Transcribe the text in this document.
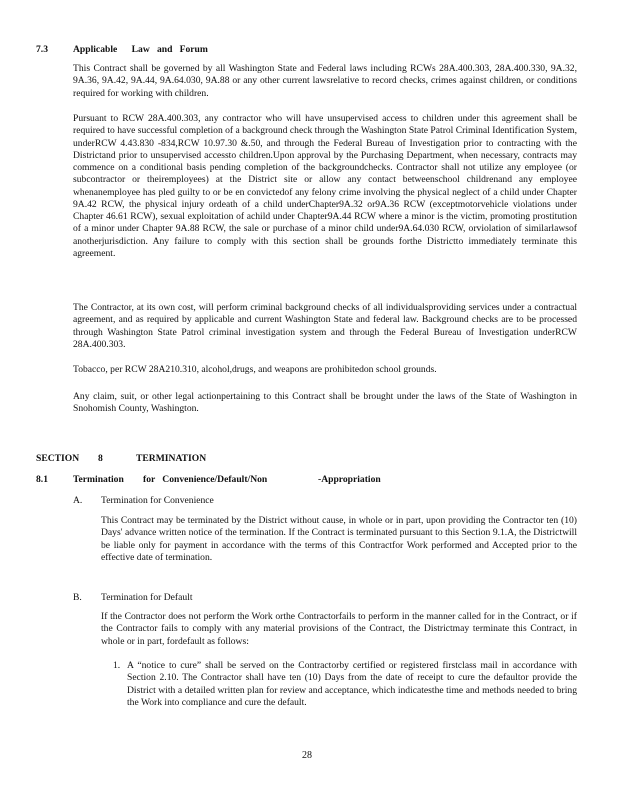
7.3	Applicable      Law   and   Forum

This Contract shall be governed by all Washington State and Federal laws including RCWs 28A.400.303, 28A.400.330, 9A.32, 9A.36, 9A.42, 9A.44, 9A.64.030, 9A.88 or any other current lawsrelative to record checks, crimes against children, or conditions required for working with children.

Pursuant to RCW 28A.400.303, any contractor who will have unsupervised access to children under this agreement shall be required to have successful completion of a background check through the Washington State Patrol Criminal Identification System, underRCW 4.43.830 -834,RCW 10.97.30 &.50, and through the Federal Bureau of Investigation prior to contracting with the Districtand prior to unsupervised accessto children.Upon approval by the Purchasing Department, when necessary, contracts may commence on a conditional basis pending completion of the backgroundchecks. Contractor shall not utilize any employee (or subcontractor or theiremployees) at the District site or allow any contact betweenschool childrenand any employee whenanemployee has pled guilty to or be en convictedof any felony crime involving the physical neglect of a child under Chapter 9A.42 RCW, the physical injury ordeath of a child underChapter9A.32 or9A.36 RCW (exceptmotorvehicle violations under Chapter 46.61 RCW), sexual exploitation of achild under Chapter9A.44 RCW where a minor is the victim, promoting prostitution of a minor under Chapter 9A.88 RCW, the sale or purchase of a minor child under9A.64.030 RCW, orviolation of similarlawsof anotherjurisdiction. Any failure to comply with this section shall be grounds forthe Districtto immediately terminate this agreement.

The Contractor, at its own cost, will perform criminal background checks of all individualsproviding services under a contractual agreement, and as required by applicable and current Washington State and federal law. Background checks are to be processed through Washington State Patrol criminal investigation system and through the Federal Bureau of Investigation underRCW 28A.400.303.

Tobacco, per RCW 28A210.310, alcohol,drugs, and weapons are prohibitedon school grounds.

Any claim, suit, or other legal actionpertaining to this Contract shall be brought under the laws of the State of Washington in Snohomish County, Washington.

SECTION 8	TERMINATION
8.1	Termination        for   Convenience/Default/Non	-Appropriation
A. Termination for Convenience

This Contract may be terminated by the District without cause, in whole or in part, upon providing the Contractor ten (10) Days' advance written notice of the termination. If the Contract is terminated pursuant to this Section 9.1.A, the Districtwill be liable only for payment in accordance with the terms of this Contractfor Work performed and Accepted prior to the effective date of termination.

B. Termination for Default

If the Contractor does not perform the Work orthe Contractorfails to perform in the manner called for in the Contract, or if the Contractor fails to comply with any material provisions of the Contract, the Districtmay terminate this Contract, in whole or in part, fordefault as follows:

1. A “notice to cure” shall be served on the Contractorby certified or registered firstclass mail in accordance with Section 2.10. The Contractor shall have ten (10) Days from the date of receipt to cure the defaultor provide the District with a detailed written plan for review and acceptance, which indicatesthe time and methods needed to bring the Work into compliance and cure the default.

28
